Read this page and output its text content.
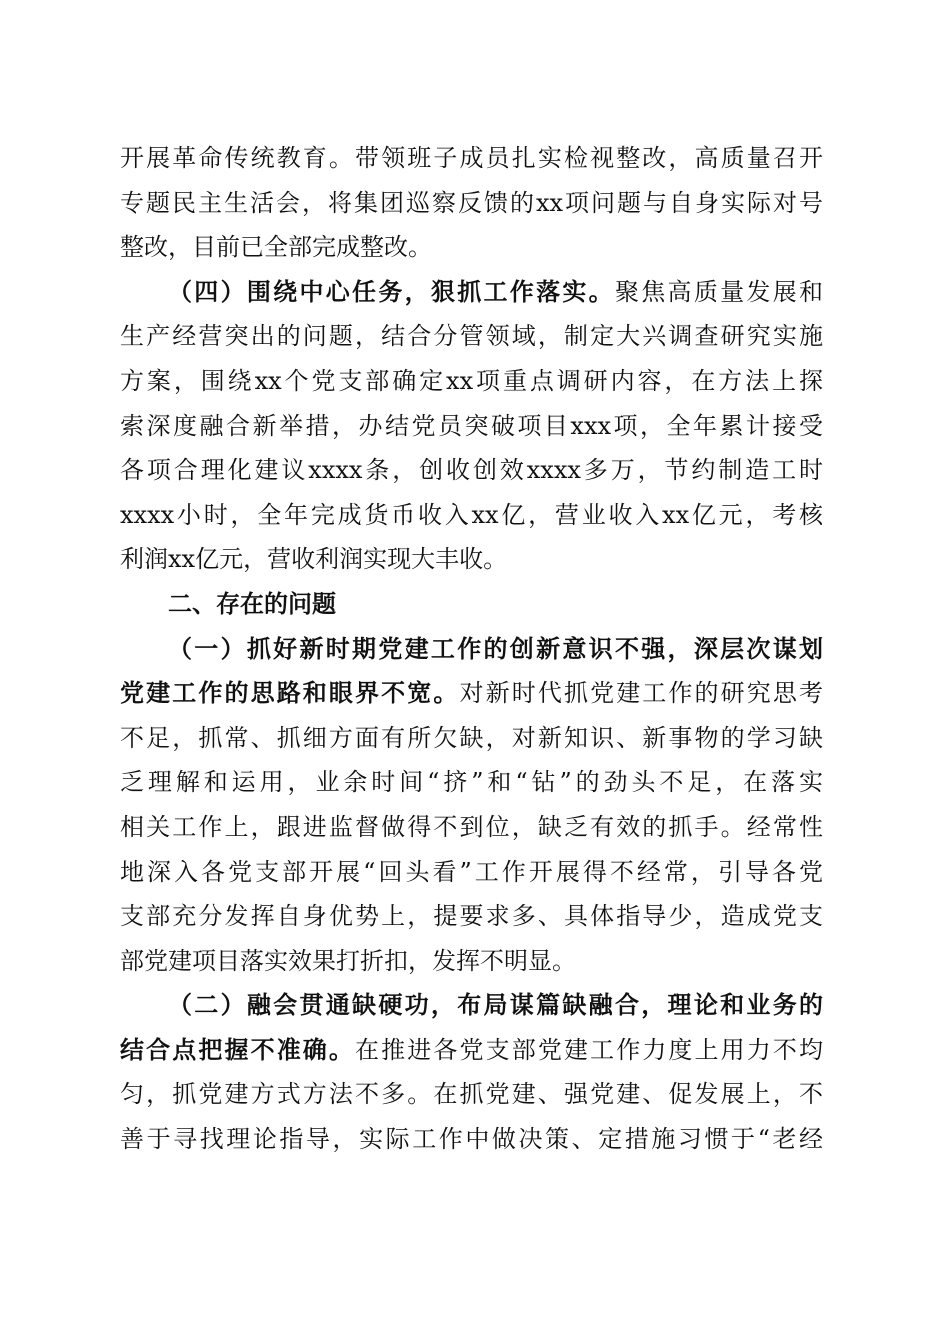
开展革命传统教育。带领班子成员扎实检视整改，高质量召开
专题民主生活会，将集团巡察反馈的xx项问题与自身实际对号
整改，目前已全部完成整改。
（四）围绕中心任务，狠抓工作落实。聚焦高质量发展和
生产经营突出的问题，结合分管领域，制定大兴调查研究实施
方案，围绕xx个党支部确定xx项重点调研内容，在方法上探
索深度融合新举措，办结党员突破项目xxx项，全年累计接受
各项合理化建议xxxx条，创收创效xxxx多万，节约制造工时
xxxx小时，全年完成货币收入xx亿，营业收入xx亿元，考核
利润xx亿元，营收利润实现大丰收。
二、存在的问题
（一）抓好新时期党建工作的创新意识不强，深层次谋划
党建工作的思路和眼界不宽。对新时代抓党建工作的研究思考
不足，抓常、抓细方面有所欠缺，对新知识、新事物的学习缺
乏理解和运用，业余时间“挤”和“钻”的劲头不足，在落实
相关工作上，跟进监督做得不到位，缺乏有效的抓手。经常性
地深入各党支部开展“回头看”工作开展得不经常，引导各党
支部充分发挥自身优势上，提要求多、具体指导少，造成党支
部党建项目落实效果打折扣，发挥不明显。
（二）融会贯通缺硬功，布局谋篇缺融合，理论和业务的
结合点把握不准确。在推进各党支部党建工作力度上用力不均
匀，抓党建方式方法不多。在抓党建、强党建、促发展上，不
善于寻找理论指导，实际工作中做决策、定措施习惯于“老经
